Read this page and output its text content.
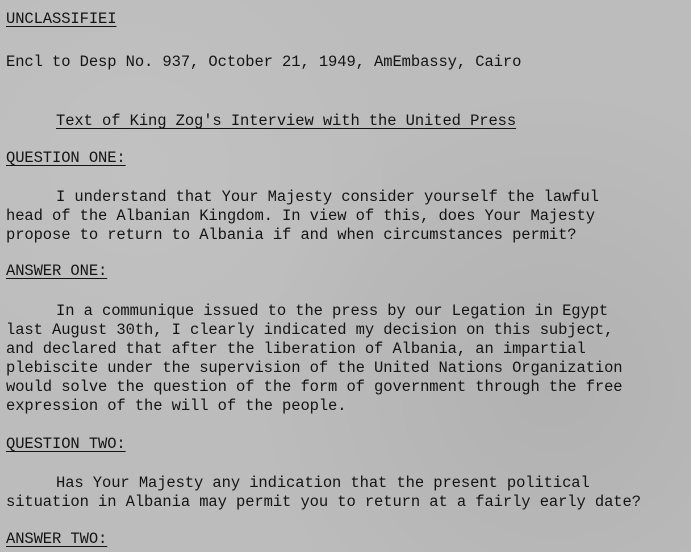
UNCLASSIFIEI
Encl to Desp No. 937, October 21, 1949, AmEmbassy, Cairo
Text of King Zog's Interview with the United Press
QUESTION ONE:
I understand that Your Majesty consider yourself the lawful
head of the Albanian Kingdom. In view of this, does Your Majesty
propose to return to Albania if and when circumstances permit?
ANSWER ONE:
In a communique issued to the press by our Legation in Egypt
last August 30th, I clearly indicated my decision on this subject,
and declared that after the liberation of Albania, an impartial
plebiscite under the supervision of the United Nations Organization
would solve the question of the form of government through the free
expression of the will of the people.
QUESTION TWO:
Has Your Majesty any indication that the present political
situation in Albania may permit you to return at a fairly early date?
ANSWER TWO:
